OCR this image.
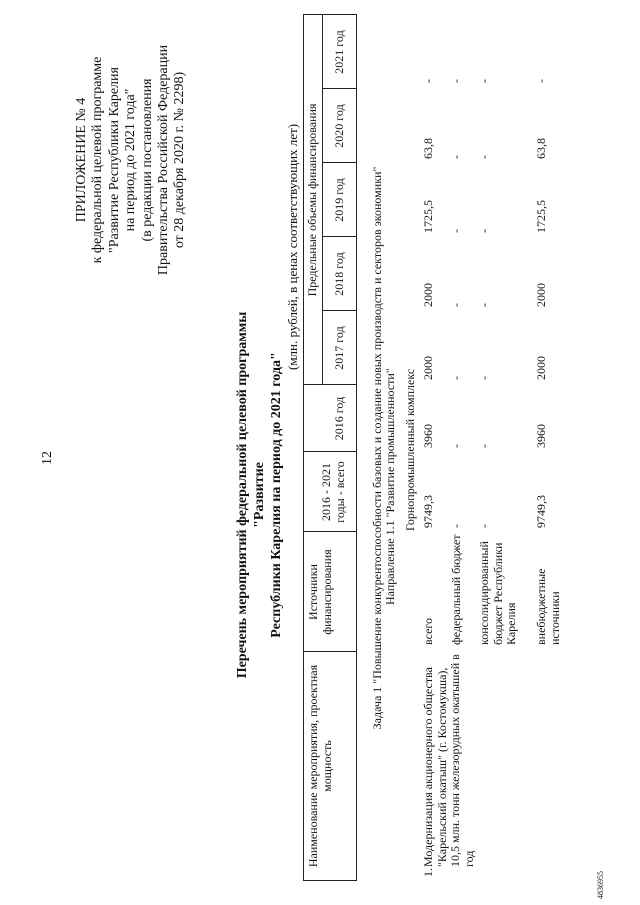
12
ПРИЛОЖЕНИЕ № 4 к федеральной целевой программе "Развитие Республики Карелия на период до 2021 года" (в редакции постановления Правительства Российской Федерации от 28 декабря 2020 г. № 2298)
Перечень мероприятий федеральной целевой программы "Развитие Республики Карелия на период до 2021 года"
(млн. рублей, в ценах соответствующих лет)
Наименование мероприятия, проектная мощность
Источники финансирования
2016 - 2021 годы - всего
Предельные объемы финансирования
2016 год
2017 год
2018 год
2019 год
2020 год
2021 год
Задача 1 "Повышение конкурентоспособности базовых и создание новых производств и секторов экономики" Направление 1.1 "Развитие промышленности" Горнопромышленный комплекс
1.
Модернизация акционерного общества "Карельский окатыш" (г. Костомукша), 10,5 млн. тонн железорудных окатышей в год
всего
9749,3
3960
2000
2000
1725,5
63,8
-
федеральный бюджет
-
-
-
-
-
-
-
консолидированный бюджет Республики Карелия
-
-
-
-
-
-
-
внебюджетные источники
9749,3
3960
2000
2000
1725,5
63,8
-
4836955
